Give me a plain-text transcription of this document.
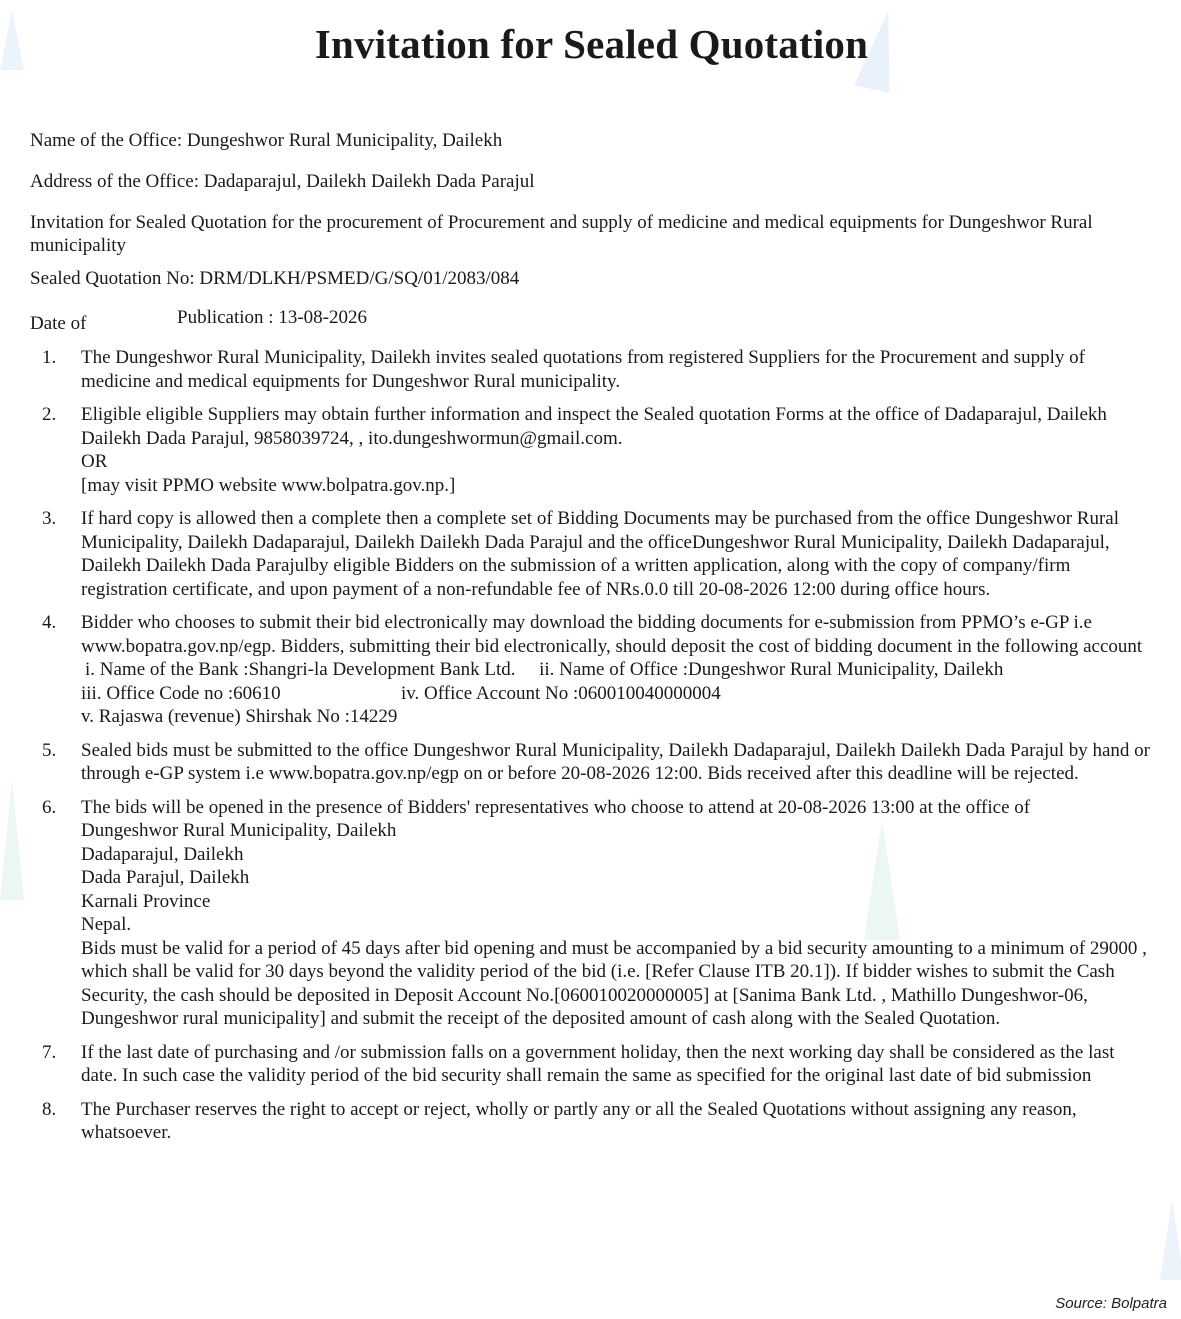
Invitation for Sealed Quotation

Name of the Office: Dungeshwor Rural Municipality, Dailekh

Address of the Office: Dadaparajul, Dailekh Dailekh Dada Parajul

Invitation for Sealed Quotation for the procurement of Procurement and supply of medicine and medical equipments for Dungeshwor Rural municipality

Sealed Quotation No: DRM/DLKH/PSMED/G/SQ/01/2083/084

Date of	Publication : 13-08-2026

1. The Dungeshwor Rural Municipality, Dailekh invites sealed quotations from registered Suppliers for the Procurement and supply of medicine and medical equipments for Dungeshwor Rural municipality.
2. Eligible eligible Suppliers may obtain further information and inspect the Sealed quotation Forms at the office of Dadaparajul, Dailekh Dailekh Dada Parajul, 9858039724, , ito.dungeshwormun@gmail.com.
OR
[may visit PPMO website www.bolpatra.gov.np.]
3. If hard copy is allowed then a complete then a complete set of Bidding Documents may be purchased from the office Dungeshwor Rural Municipality, Dailekh Dadaparajul, Dailekh Dailekh Dada Parajul and the officeDungeshwor Rural Municipality, Dailekh Dadaparajul, Dailekh Dailekh Dada Parajulby eligible Bidders on the submission of a written application, along with the copy of company/firm registration certificate, and upon payment of a non-refundable fee of NRs.0.0 till 20-08-2026 12:00 during office hours.
4. Bidder who chooses to submit their bid electronically may download the bidding documents for e-submission from PPMO’s e-GP i.e www.bopatra.gov.np/egp. Bidders, submitting their bid electronically, should deposit the cost of bidding document in the following account
i. Name of the Bank :Shangri-la Development Bank Ltd. ii. Name of Office :Dungeshwor Rural Municipality, Dailekh
iii. Office Code no :60610	iv. Office Account No :060010040000004
v. Rajaswa (revenue) Shirshak No :14229
5. Sealed bids must be submitted to the office Dungeshwor Rural Municipality, Dailekh Dadaparajul, Dailekh Dailekh Dada Parajul by hand or through e-GP system i.e www.bopatra.gov.np/egp on or before 20-08-2026 12:00. Bids received after this deadline will be rejected.
6. The bids will be opened in the presence of Bidders' representatives who choose to attend at 20-08-2026 13:00 at the office of
Dungeshwor Rural Municipality, Dailekh
Dadaparajul, Dailekh
Dada Parajul, Dailekh
Karnali Province
Nepal.
Bids must be valid for a period of 45 days after bid opening and must be accompanied by a bid security amounting to a minimum of 29000 , which shall be valid for 30 days beyond the validity period of the bid (i.e. [Refer Clause ITB 20.1]). If bidder wishes to submit the Cash Security, the cash should be deposited in Deposit Account No.[060010020000005] at [Sanima Bank Ltd. , Mathillo Dungeshwor-06, Dungeshwor rural municipality] and submit the receipt of the deposited amount of cash along with the Sealed Quotation.
7. If the last date of purchasing and /or submission falls on a government holiday, then the next working day shall be considered as the last date. In such case the validity period of the bid security shall remain the same as specified for the original last date of bid submission
8. The Purchaser reserves the right to accept or reject, wholly or partly any or all the Sealed Quotations without assigning any reason, whatsoever.
Source: Bolpatra
